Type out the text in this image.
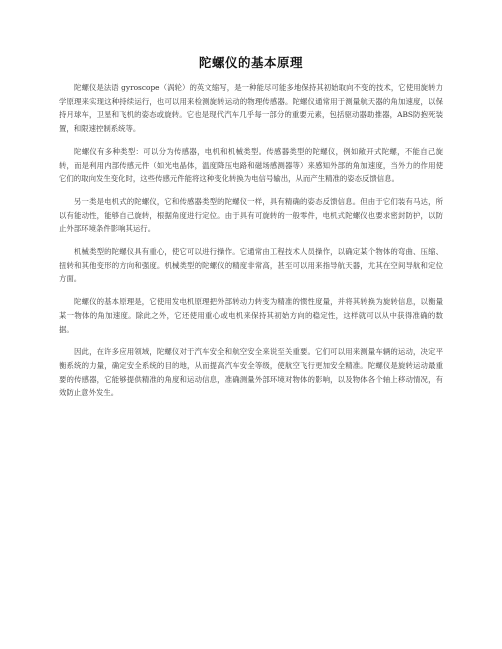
陀螺仪的基本原理

陀螺仪是法语 gyroscope（涡轮）的英文缩写，是一种能尽可能多地保持其初始取向不变的技术，它使用旋转力学原理来实现这种持续运行，也可以用来检测旋转运动的物理传感器。陀螺仪通常用于测量航天器的角加速度，以保持月球车，卫星和飞机的姿态或旋转。它也是现代汽车几乎每一部分的重要元素，包括驱动器助推器，ABS防抱死装置，和限速控制系统等。

陀螺仪有多种类型：可以分为传感器，电机和机械类型。传感器类型的陀螺仪，例如敞开式陀螺，不能自己旋转，而是利用内部传感元件（如光电晶体，温度降压电路和磁场感测器等）来感知外部的角加速度，当外力的作用使它们的取向发生变化时，这些传感元件能将这种变化转换为电信号输出，从而产生精准的姿态反馈信息。

另一类是电机式的陀螺仪，它和传感器类型的陀螺仪一样，具有精确的姿态反馈信息。但由于它们装有马达，所以有能动性，能够自己旋转，根据角度进行定位。由于具有可旋转的一般零件，电机式陀螺仪也要求密封防护，以防止外部环境条件影响其运行。

机械类型的陀螺仪具有重心，使它可以进行操作。它通常由工程技术人员操作，以确定某个物体的弯曲、压缩、扭转和其他变形的方向和强度。机械类型的陀螺仪的精度非常高，甚至可以用来指导航天器，尤其在空间导航和定位方面。

陀螺仪的基本原理是，它使用发电机原理把外部转动力转变为精准的惯性度量，并将其转换为旋转信息，以衡量某一物体的角加速度。除此之外，它还使用重心或电机来保持其初始方向的稳定性，这样就可以从中获得准确的数据。

因此，在许多应用领域，陀螺仪对于汽车安全和航空安全来说至关重要。它们可以用来测量车辆的运动，决定平衡系统的力量，确定安全系统的目的地，从而提高汽车安全等级，使航空飞行更加安全精准。陀螺仪是旋转运动最重要的传感器，它能够提供精准的角度和运动信息，准确测量外部环境对物体的影响，以及物体各个轴上移动情况，有效防止意外发生。
